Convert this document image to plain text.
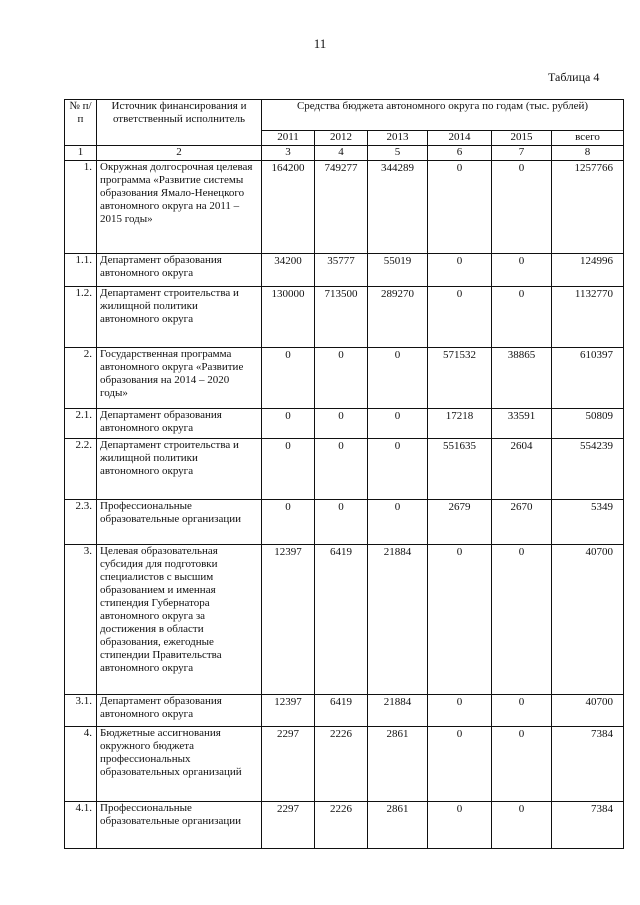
11
Таблица 4
№ п/п	Источник финансирования и ответственный исполнитель	Средства бюджета автономного округа по годам (тыс. рублей)					
		2011	2012	2013	2014	2015	всего
1	2	3	4	5	6	7	8
1.	Окружная долгосрочная целевая программа «Развитие системы образования Ямало-Ненецкого автономного округа на 2011 – 2015 годы»	164200	749277	344289	0	0	1257766
1.1.	Департамент образования автономного округа	34200	35777	55019	0	0	124996
1.2.	Департамент строительства и жилищной политики автономного округа	130000	713500	289270	0	0	1132770
2.	Государственная программа автономного округа «Развитие образования на 2014 – 2020 годы»	0	0	0	571532	38865	610397
2.1.	Департамент образования автономного округа	0	0	0	17218	33591	50809
2.2.	Департамент строительства и жилищной политики автономного округа	0	0	0	551635	2604	554239
2.3.	Профессиональные образовательные организации	0	0	0	2679	2670	5349
3.	Целевая образовательная субсидия для подготовки специалистов с высшим образованием и именная стипендия Губернатора автономного округа за достижения в области образования, ежегодные стипендии Правительства автономного округа	12397	6419	21884	0	0	40700
3.1.	Департамент образования автономного округа	12397	6419	21884	0	0	40700
4.	Бюджетные ассигнования окружного бюджета профессиональных образовательных организаций	2297	2226	2861	0	0	7384
4.1.	Профессиональные образовательные организации	2297	2226	2861	0	0	7384
